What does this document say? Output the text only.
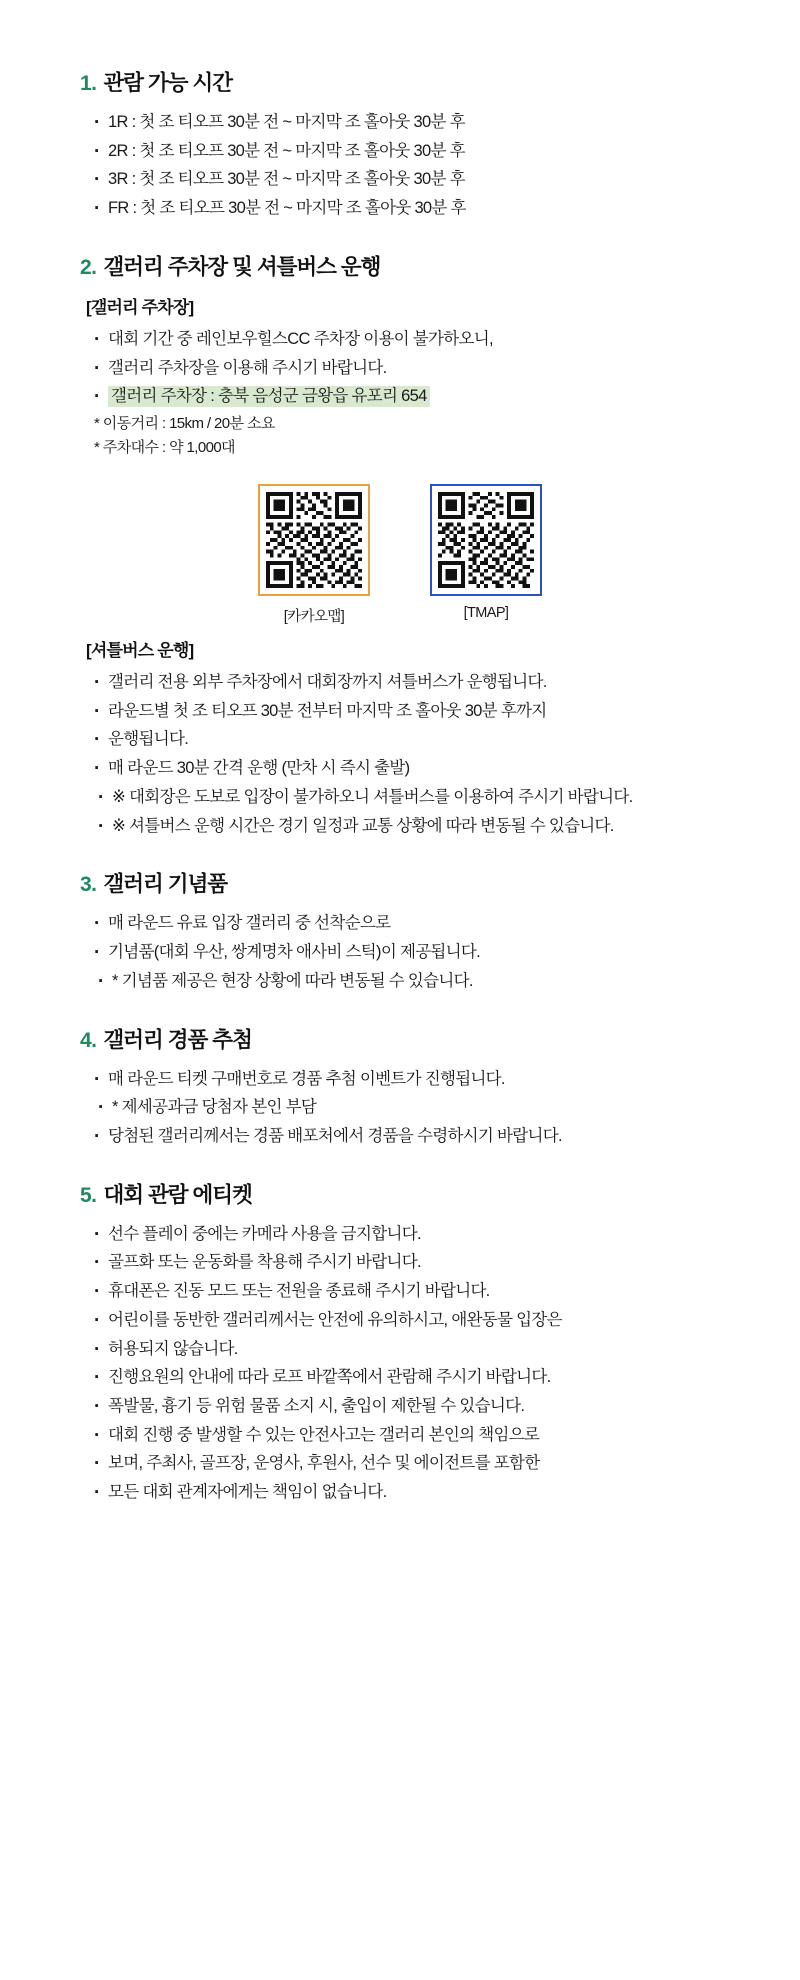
1. 관람 가능 시간
· 1R : 첫 조 티오프 30분 전 ~ 마지막 조 홀아웃 30분 후
· 2R : 첫 조 티오프 30분 전 ~ 마지막 조 홀아웃 30분 후
· 3R : 첫 조 티오프 30분 전 ~ 마지막 조 홀아웃 30분 후
· FR : 첫 조 티오프 30분 전 ~ 마지막 조 홀아웃 30분 후
2. 갤러리 주차장 및 셔틀버스 운행
[갤러리 주차장]
· 대회 기간 중 레인보우힐스CC 주차장 이용이 불가하오니,
· 갤러리 주차장을 이용해 주시기 바랍니다.
· 갤러리 주차장 : 충북 음성군 금왕읍 유포리 654
* 이동거리 : 15km / 20분 소요
* 주차대수 : 약 1,000대
[카카오맵]	[TMAP]
[셔틀버스 운행]
· 갤러리 전용 외부 주차장에서 대회장까지 셔틀버스가 운행됩니다.
· 라운드별 첫 조 티오프 30분 전부터 마지막 조 홀아웃 30분 후까지
· 운행됩니다.
· 매 라운드 30분 간격 운행 (만차 시 즉시 출발)
· ※ 대회장은 도보로 입장이 불가하오니 셔틀버스를 이용하여 주시기 바랍니다.
· ※ 셔틀버스 운행 시간은 경기 일정과 교통 상황에 따라 변동될 수 있습니다.
3. 갤러리 기념품
· 매 라운드 유료 입장 갤러리 중 선착순으로
· 기념품(대회 우산, 쌍계명차 애사비 스틱)이 제공됩니다.
· * 기념품 제공은 현장 상황에 따라 변동될 수 있습니다.
4. 갤러리 경품 추첨
· 매 라운드 티켓 구매번호로 경품 추첨 이벤트가 진행됩니다.
· * 제세공과금 당첨자 본인 부담
· 당첨된 갤러리께서는 경품 배포처에서 경품을 수령하시기 바랍니다.
5. 대회 관람 에티켓
· 선수 플레이 중에는 카메라 사용을 금지합니다.
· 골프화 또는 운동화를 착용해 주시기 바랍니다.
· 휴대폰은 진동 모드 또는 전원을 종료해 주시기 바랍니다.
· 어린이를 동반한 갤러리께서는 안전에 유의하시고, 애완동물 입장은
· 허용되지 않습니다.
· 진행요원의 안내에 따라 로프 바깥쪽에서 관람해 주시기 바랍니다.
· 폭발물, 흉기 등 위험 물품 소지 시, 출입이 제한될 수 있습니다.
· 대회 진행 중 발생할 수 있는 안전사고는 갤러리 본인의 책임으로
· 보며, 주최사, 골프장, 운영사, 후원사, 선수 및 에이전트를 포함한
· 모든 대회 관계자에게는 책임이 없습니다.
